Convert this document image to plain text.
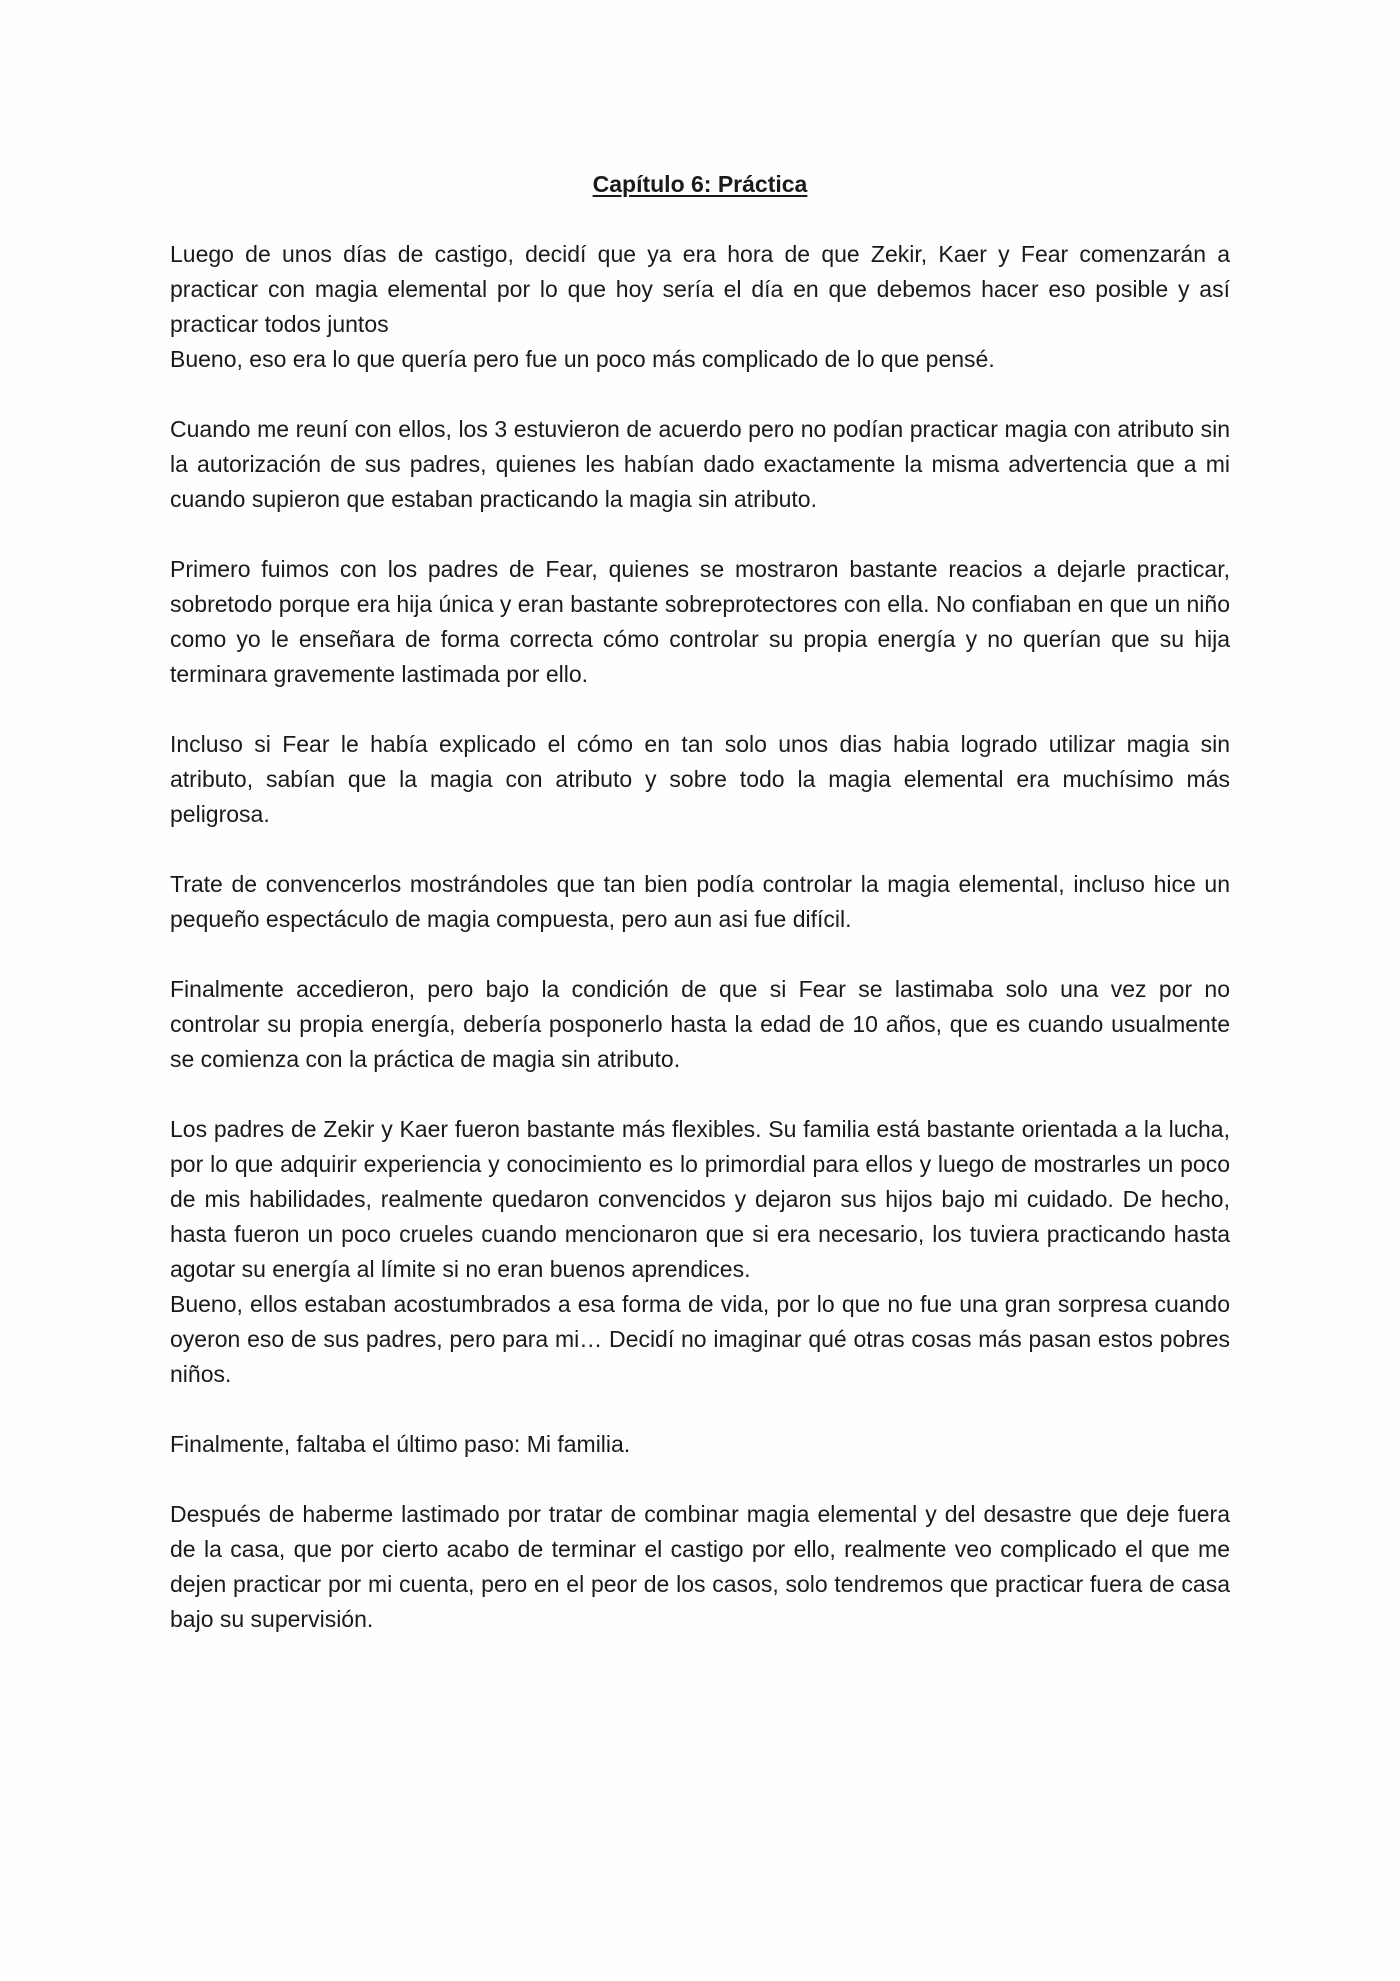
Capítulo 6: Práctica
Luego de unos días de castigo, decidí que ya era hora de que Zekir, Kaer y Fear comenzarán a practicar con magia elemental por lo que hoy sería el día en que debemos hacer eso posible y así practicar todos juntos
Bueno, eso era lo que quería pero fue un poco más complicado de lo que pensé.
Cuando me reuní con ellos, los 3 estuvieron de acuerdo pero no podían practicar magia con atributo sin la autorización de sus padres, quienes les habían dado exactamente la misma advertencia que a mi cuando supieron que estaban practicando la magia sin atributo.
Primero fuimos con los padres de Fear, quienes se mostraron bastante reacios a dejarle practicar, sobretodo porque era hija única y eran bastante sobreprotectores con ella. No confiaban en que un niño como yo le enseñara de forma correcta cómo controlar su propia energía y no querían que su hija terminara gravemente lastimada por ello.
Incluso si Fear le había explicado el cómo en tan solo unos dias habia logrado utilizar magia sin atributo, sabían que la magia con atributo y sobre todo la magia elemental era muchísimo más peligrosa.
Trate de convencerlos mostrándoles que tan bien podía controlar la magia elemental, incluso hice un pequeño espectáculo de magia compuesta, pero aun asi fue difícil.
Finalmente accedieron, pero bajo la condición de que si Fear se lastimaba solo una vez por no controlar su propia energía, debería posponerlo hasta la edad de 10 años, que es cuando usualmente se comienza con la práctica de magia sin atributo.
Los padres de Zekir y Kaer fueron bastante más flexibles. Su familia está bastante orientada a la lucha, por lo que adquirir experiencia y conocimiento es lo primordial para ellos y luego de mostrarles un poco de mis habilidades, realmente quedaron convencidos y dejaron sus hijos bajo mi cuidado. De hecho, hasta fueron un poco crueles cuando mencionaron que si era necesario, los tuviera practicando hasta agotar su energía al límite si no eran buenos aprendices.
Bueno, ellos estaban acostumbrados a esa forma de vida, por lo que no fue una gran sorpresa cuando oyeron eso de sus padres, pero para mi… Decidí no imaginar qué otras cosas más pasan estos pobres niños.
Finalmente, faltaba el último paso: Mi familia.
Después de haberme lastimado por tratar de combinar magia elemental y del desastre que deje fuera de la casa, que por cierto acabo de terminar el castigo por ello, realmente veo complicado el que me dejen practicar por mi cuenta, pero en el peor de los casos, solo tendremos que practicar fuera de casa bajo su supervisión.
